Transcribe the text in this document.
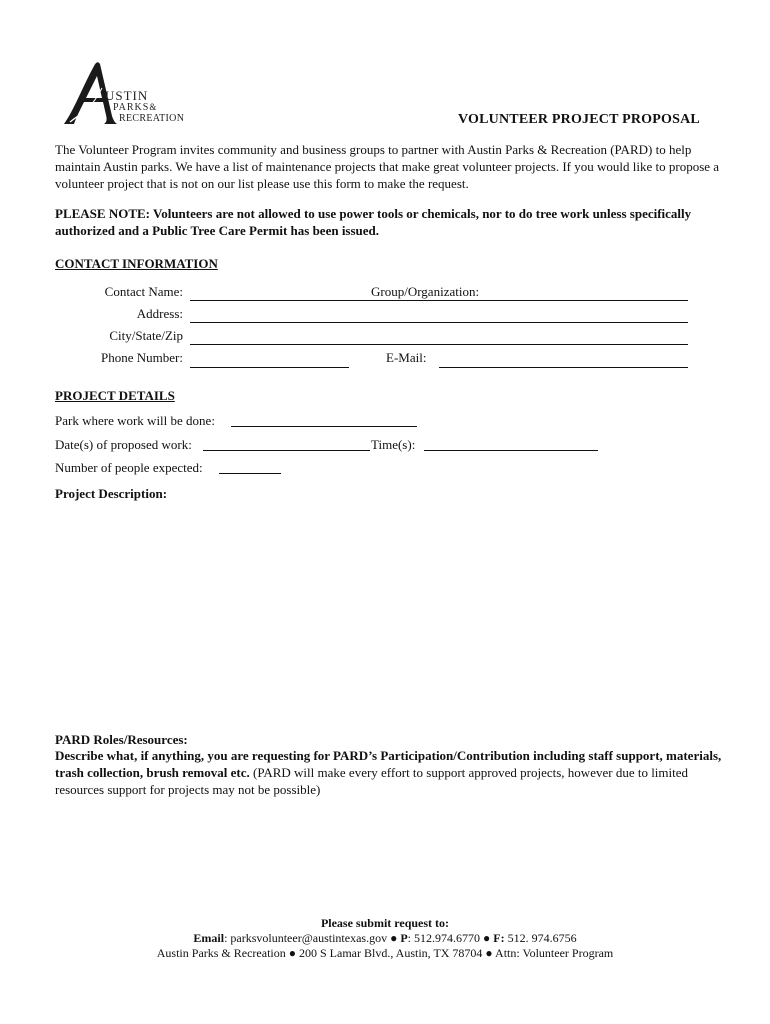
USTIN
PARKS&
RECREATION	VOLUNTEER PROJECT PROPOSAL
The Volunteer Program invites community and business groups to partner with Austin Parks & Recreation (PARD) to help maintain Austin parks. We have a list of maintenance projects that make great volunteer projects. If you would like to propose a volunteer project that is not on our list please use this form to make the request.
PLEASE NOTE: Volunteers are not allowed to use power tools or chemicals, nor to do tree work unless specifically authorized and a Public Tree Care Permit has been issued.
CONTACT INFORMATION
Contact Name:	Group/Organization:
Address:
City/State/Zip
Phone Number:	E-Mail:
PROJECT DETAILS
Park where work will be done:
Date(s) of proposed work:	Time(s):
Number of people expected:
Project Description:
PARD Roles/Resources:
Describe what, if anything, you are requesting for PARD’s Participation/Contribution including staff support, materials, trash collection, brush removal etc. (PARD will make every effort to support approved projects, however due to limited resources support for projects may not be possible)
Please submit request to:
Email: parksvolunteer@austintexas.gov ● P: 512.974.6770 ● F: 512. 974.6756
Austin Parks & Recreation ● 200 S Lamar Blvd., Austin, TX 78704 ● Attn: Volunteer Program
